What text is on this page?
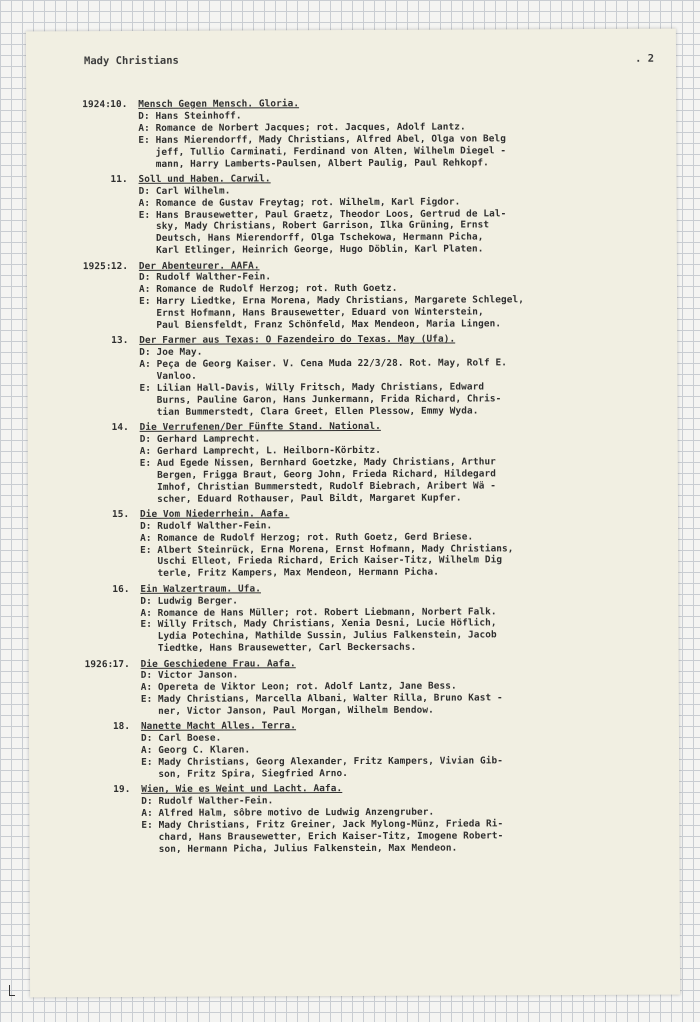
Mady Christians	. 2
1924: 10. Mensch Gegen Mensch. Gloria.
D: Hans Steinhoff.
A: Romance de Norbert Jacques; rot. Jacques, Adolf Lantz.
E: Hans Mierendorff, Mady Christians, Alfred Abel, Olga von Belg
jeff, Tullio Carminati, Ferdinand von Alten, Wilhelm Diegel -
mann, Harry Lamberts-Paulsen, Albert Paulig, Paul Rehkopf.
11. Soll und Haben. Carwil.
D: Carl Wilhelm.
A: Romance de Gustav Freytag; rot. Wilhelm, Karl Figdor.
E: Hans Brausewetter, Paul Graetz, Theodor Loos, Gertrud de Lal-
sky, Mady Christians, Robert Garrison, Ilka Grüning, Ernst
Deutsch, Hans Mierendorff, Olga Tschekowa, Hermann Picha,
Karl Etlinger, Heinrich George, Hugo Döblin, Karl Platen.
1925: 12. Der Abenteurer. AAFA.
D: Rudolf Walther-Fein.
A: Romance de Rudolf Herzog; rot. Ruth Goetz.
E: Harry Liedtke, Erna Morena, Mady Christians, Margarete Schlegel,
Ernst Hofmann, Hans Brausewetter, Eduard von Winterstein,
Paul Biensfeldt, Franz Schönfeld, Max Mendeon, Maria Lingen.
13. Der Farmer aus Texas: O Fazendeiro do Texas. May (Ufa).
D: Joe May.
A: Peça de Georg Kaiser. V. Cena Muda 22/3/28. Rot. May, Rolf E.
Vanloo.
E: Lilian Hall-Davis, Willy Fritsch, Mady Christians, Edward
Burns, Pauline Garon, Hans Junkermann, Frida Richard, Chris-
tian Bummerstedt, Clara Greet, Ellen Plessow, Emmy Wyda.
14. Die Verrufenen/Der Fünfte Stand. National.
D: Gerhard Lamprecht.
A: Gerhard Lamprecht, L. Heilborn-Körbitz.
E: Aud Egede Nissen, Bernhard Goetzke, Mady Christians, Arthur
Bergen, Frigga Braut, Georg John, Frieda Richard, Hildegard
Imhof, Christian Bummerstedt, Rudolf Biebrach, Aribert Wä -
scher, Eduard Rothauser, Paul Bildt, Margaret Kupfer.
15. Die Vom Niederrhein. Aafa.
D: Rudolf Walther-Fein.
A: Romance de Rudolf Herzog; rot. Ruth Goetz, Gerd Briese.
E: Albert Steinrück, Erna Morena, Ernst Hofmann, Mady Christians,
Uschi Elleot, Frieda Richard, Erich Kaiser-Titz, Wilhelm Dig
terle, Fritz Kampers, Max Mendeon, Hermann Picha.
16. Ein Walzertraum. Ufa.
D: Ludwig Berger.
A: Romance de Hans Müller; rot. Robert Liebmann, Norbert Falk.
E: Willy Fritsch, Mady Christians, Xenia Desni, Lucie Höflich,
Lydia Potechina, Mathilde Sussin, Julius Falkenstein, Jacob
Tiedtke, Hans Brausewetter, Carl Beckersachs.
1926: 17. Die Geschiedene Frau. Aafa.
D: Victor Janson.
A: Opereta de Viktor Leon; rot. Adolf Lantz, Jane Bess.
E: Mady Christians, Marcella Albani, Walter Rilla, Bruno Kast -
ner, Victor Janson, Paul Morgan, Wilhelm Bendow.
18. Nanette Macht Alles. Terra.
D: Carl Boese.
A: Georg C. Klaren.
E: Mady Christians, Georg Alexander, Fritz Kampers, Vivian Gib-
son, Fritz Spira, Siegfried Arno.
19. Wien, Wie es Weint und Lacht. Aafa.
D: Rudolf Walther-Fein.
A: Alfred Halm, sôbre motivo de Ludwig Anzengruber.
E: Mady Christians, Fritz Greiner, Jack Mylong-Münz, Frieda Ri-
chard, Hans Brausewetter, Erich Kaiser-Titz, Imogene Robert-
son, Hermann Picha, Julius Falkenstein, Max Mendeon.
